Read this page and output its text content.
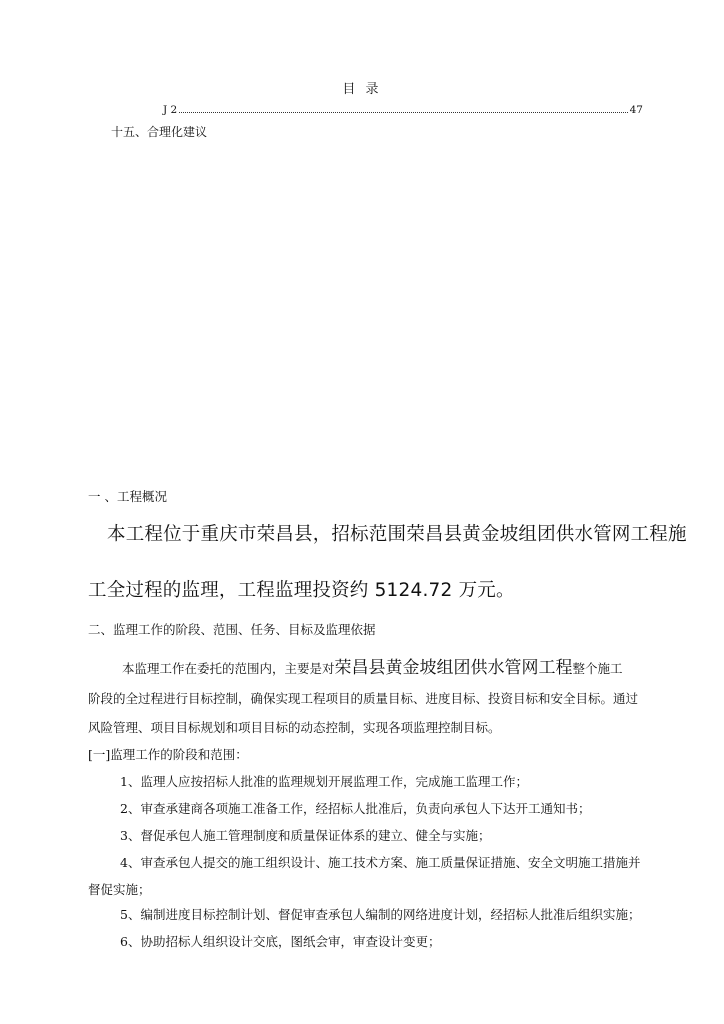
目 录
J 2	47
十五、合理化建议
一 、工程概况
本工程位于重庆市荣昌县，招标范围荣昌县黄金坡组团供水管网工程施
工全过程的监理，工程监理投资约 5124.72 万元。
二、监理工作的阶段、范围、任务、目标及监理依据
本监理工作在委托的范围内，主要是对荣昌县黄金坡组团供水管网工程整个施工
阶段的全过程进行目标控制，确保实现工程项目的质量目标、进度目标、投资目标和安全目标。通过
风险管理、项目目标规划和项目目标的动态控制，实现各项监理控制目标。
[一]监理工作的阶段和范围：
1、监理人应按招标人批准的监理规划开展监理工作，完成施工监理工作；
2、审查承建商各项施工准备工作，经招标人批准后，负责向承包人下达开工通知书；
3、督促承包人施工管理制度和质量保证体系的建立、健全与实施；
4、审查承包人提交的施工组织设计、施工技术方案、施工质量保证措施、安全文明施工措施并
督促实施；
5、编制进度目标控制计划、督促审查承包人编制的网络进度计划，经招标人批准后组织实施；
6、协助招标人组织设计交底，图纸会审，审查设计变更；
